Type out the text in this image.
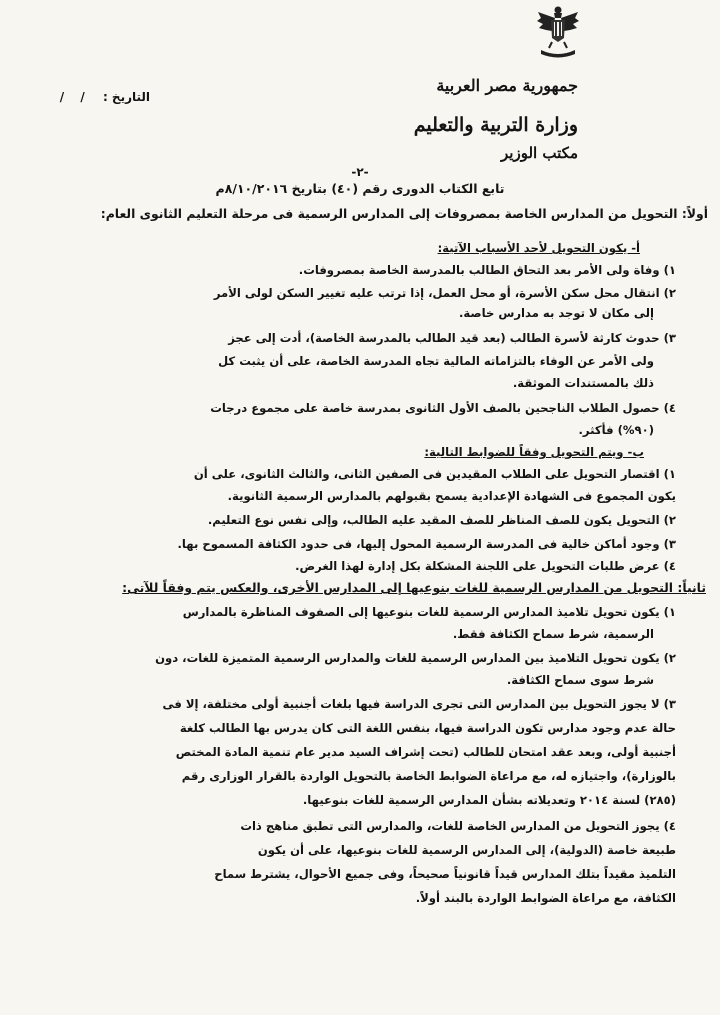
جمهورية مصر العربية
وزارة التربية والتعليم
مكتب الوزير
التاريخ : / /
-٢-
تابع الكتاب الدورى رقم (٤٠) بتاريخ ٨/١٠/٢٠١٦م
أولاً: التحويل من المدارس الخاصة بمصروفات إلى المدارس الرسمية فى مرحلة التعليم الثانوى العام:
أ- يكون التحويل لأحد الأسباب الآتية:
١) وفاة ولى الأمر بعد التحاق الطالب بالمدرسة الخاصة بمصروفات.
٢) انتقال محل سكن الأسرة، أو محل العمل، إذا ترتب عليه تغيير السكن لولى الأمر
إلى مكان لا توجد به مدارس خاصة.
٣) حدوث كارثة لأسرة الطالب (بعد قيد الطالب بالمدرسة الخاصة)، أدت إلى عجز
ولى الأمر عن الوفاء بالتزاماته المالية تجاه المدرسة الخاصة، على أن يثبت كل
ذلك بالمستندات الموثقة.
٤) حصول الطلاب الناجحين بالصف الأول الثانوى بمدرسة خاصة على مجموع درجات
(٩٠%) فأكثر.
ب- ويتم التحويل وفقاً للضوابط التالية:
١) اقتصار التحويل على الطلاب المقيدين فى الصفين الثانى، والثالث الثانوى، على أن
يكون المجموع فى الشهادة الإعدادية يسمح بقبولهم بالمدارس الرسمية الثانوية.
٢) التحويل يكون للصف المناظر للصف المقيد عليه الطالب، وإلى نفس نوع التعليم.
٣) وجود أماكن خالية فى المدرسة الرسمية المحول إليها، فى حدود الكثافة المسموح بها.
٤) عرض طلبات التحويل على اللجنة المشكلة بكل إدارة لهذا الغرض.
ثانياً: التحويل من المدارس الرسمية للغات بنوعيها إلى المدارس الأخرى، والعكس يتم وفقاً للآتى:
١) يكون تحويل تلاميذ المدارس الرسمية للغات بنوعيها إلى الصفوف المناظرة بالمدارس
الرسمية، شرط سماح الكثافة فقط.
٢) يكون تحويل التلاميذ بين المدارس الرسمية للغات والمدارس الرسمية المتميزة للغات، دون
شرط سوى سماح الكثافة.
٣) لا يجوز التحويل بين المدارس التى تجرى الدراسة فيها بلغات أجنبية أولى مختلفة، إلا فى
حالة عدم وجود مدارس تكون الدراسة فيها، بنفس اللغة التى كان يدرس بها الطالب كلغة
أجنبية أولى، وبعد عقد امتحان للطالب (تحت إشراف السيد مدير عام تنمية المادة المختص
بالوزارة)، واجتيازه له، مع مراعاة الضوابط الخاصة بالتحويل الواردة بالقرار الوزارى رقم
(٢٨٥) لسنة ٢٠١٤ وتعديلاته بشأن المدارس الرسمية للغات بنوعيها.
٤) يجوز التحويل من المدارس الخاصة للغات، والمدارس التى تطبق مناهج ذات
طبيعة خاصة (الدولية)، إلى المدارس الرسمية للغات بنوعيها، على أن يكون
التلميذ مقيداً بتلك المدارس قيداً قانونياً صحيحاً، وفى جميع الأحوال، يشترط سماح
الكثافة، مع مراعاة الضوابط الواردة بالبند أولاً.
